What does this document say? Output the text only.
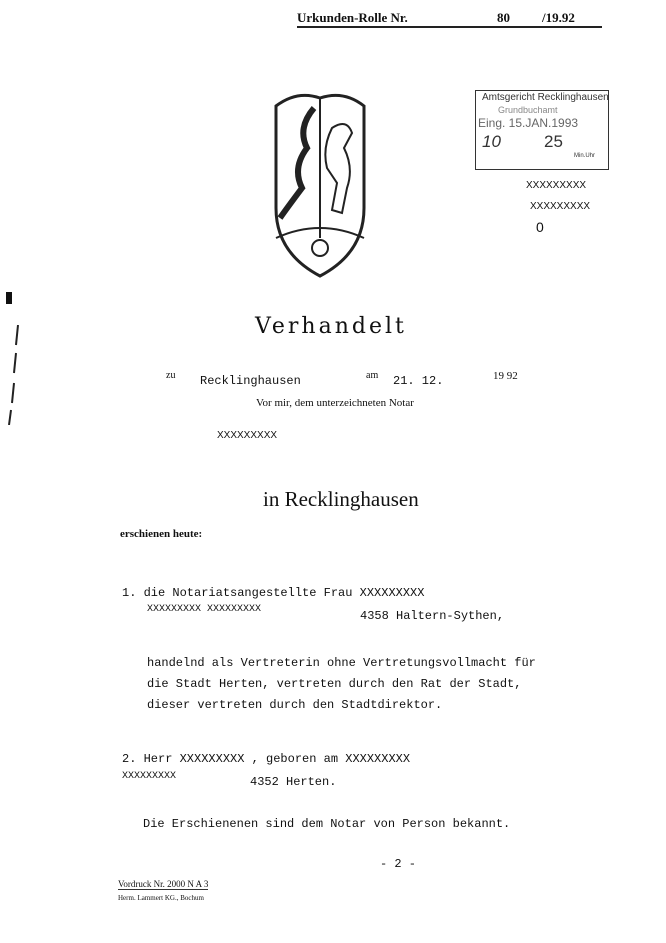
Urkunden-Rolle Nr.	80 /19.92
Amtsgericht Recklinghausen
Grundbuchamt
Eing. 15.JAN.1993
10	25
Min.Uhr
XXXXXXXXX
XXXXXXXXX
0
Verhandelt
zu Recklinghausen	am 21. 12.	19 92
Vor mir, dem unterzeichneten Notar
XXXXXXXXX
in Recklinghausen
erschienen heute:
1. die Notariatsangestellte Frau XXXXXXXXX
XXXXXXXXX XXXXXXXXX	4358 Haltern-Sythen,
handelnd als Vertreterin ohne Vertretungsvollmacht für
die Stadt Herten, vertreten durch den Rat der Stadt,
dieser vertreten durch den Stadtdirektor.
2. Herr XXXXXXXXX , geboren am XXXXXXXXX
XXXXXXXXX	4352 Herten.
Die Erschienenen sind dem Notar von Person bekannt.
- 2 -
Vordruck Nr. 2000 N A 3
Herm. Lammert KG., Bochum
